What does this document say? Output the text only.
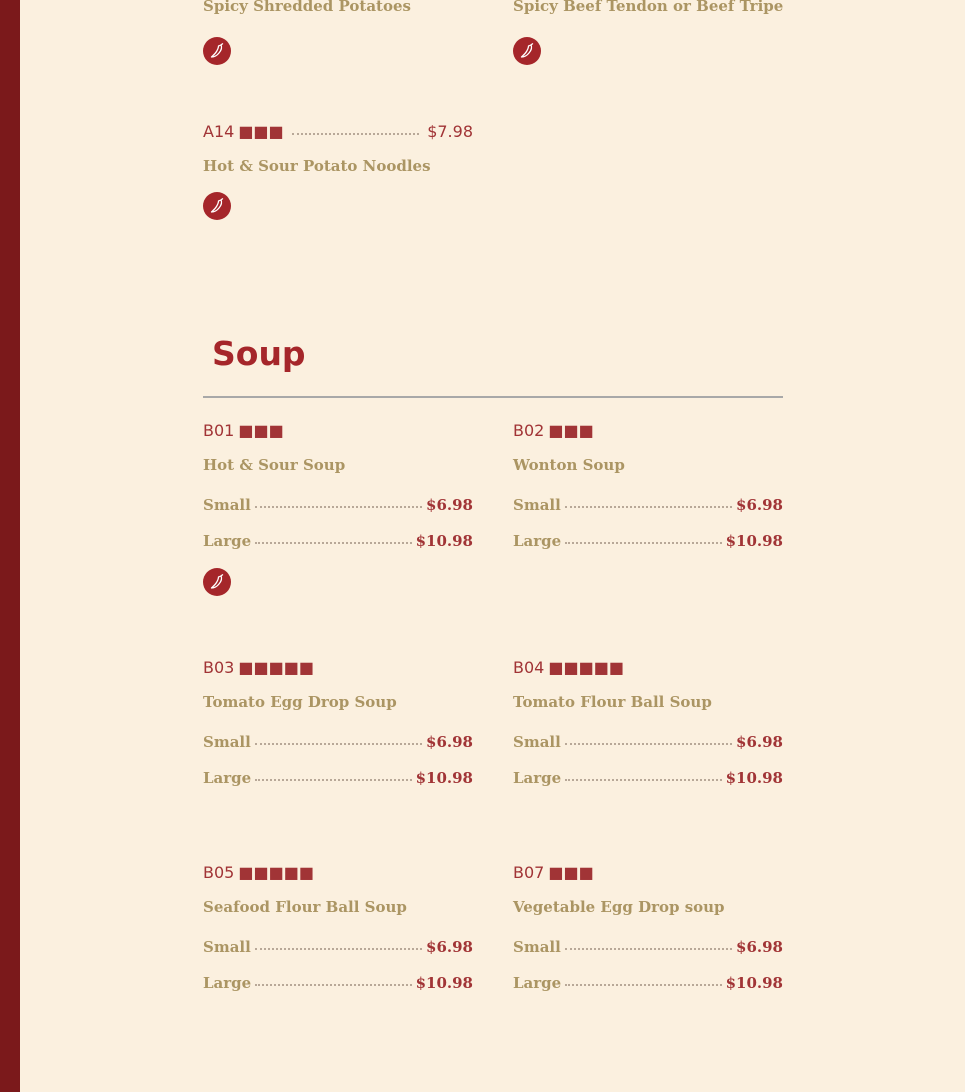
Spicy Shredded Potatoes	Spicy Beef Tendon or Beef Tripe
A14 ■■■	$7.98
Hot & Sour Potato Noodles
Soup
B01 ■■■
Hot & Sour Soup
Small	$6.98
Large	$10.98
B02 ■■■
Wonton Soup
Small	$6.98
Large	$10.98
B03 ■■■■■
Tomato Egg Drop Soup
Small	$6.98
Large	$10.98
B04 ■■■■■
Tomato Flour Ball Soup
Small	$6.98
Large	$10.98
B05 ■■■■■
Seafood Flour Ball Soup
Small	$6.98
Large	$10.98
B07 ■■■
Vegetable Egg Drop soup
Small	$6.98
Large	$10.98
